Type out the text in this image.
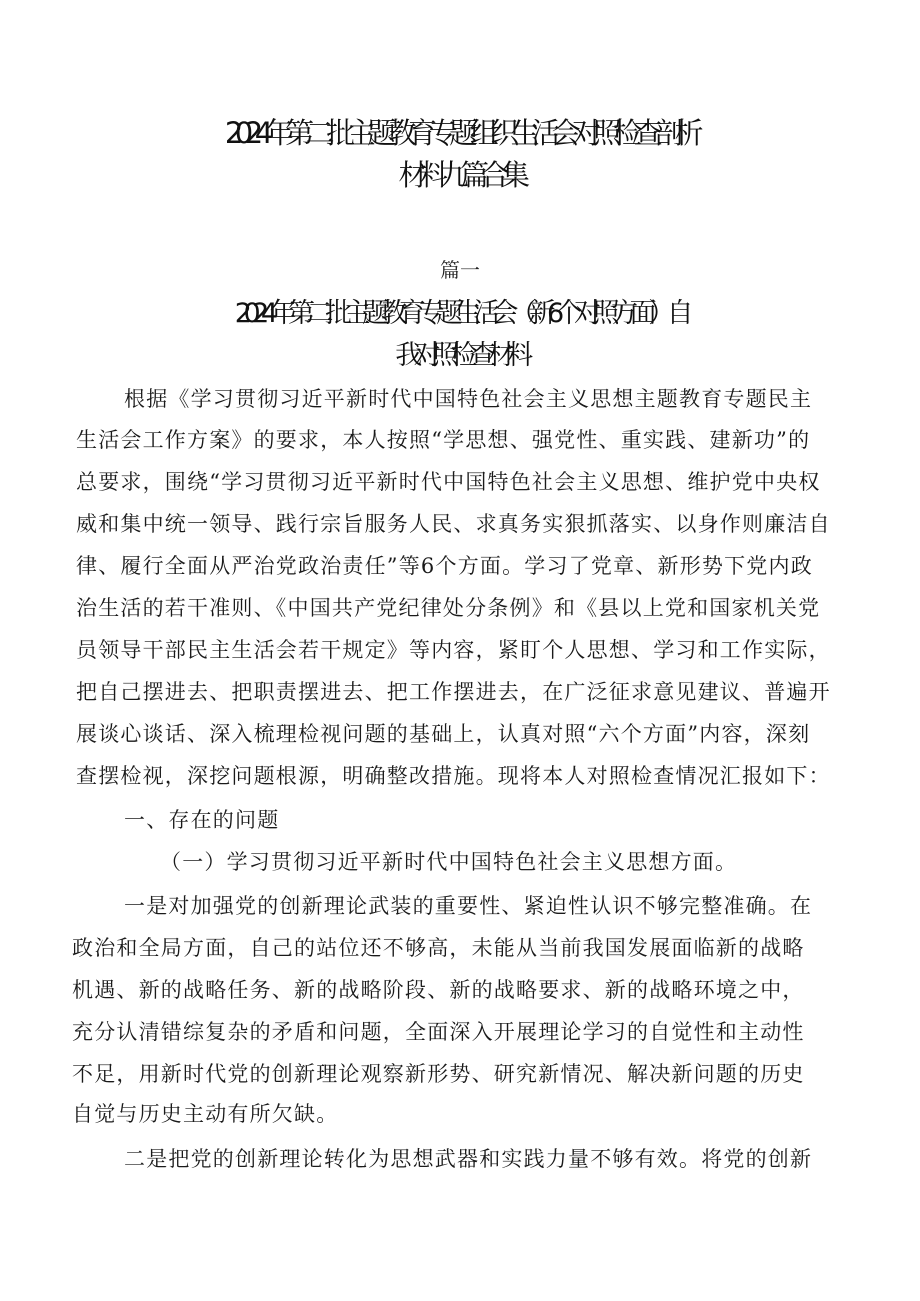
2024年第二批主题教育专题组织生活会对照检查剖析
材料九篇合集
篇一
2024年第二批主题教育专题生活会（新6个对照方面）自
我对照检查材料
根据《学习贯彻习近平新时代中国特色社会主义思想主题教育专题民主
生活会工作方案》的要求，本人按照“学思想、强党性、重实践、建新功”的
总要求，围绕“学习贯彻习近平新时代中国特色社会主义思想、维护党中央权
威和集中统一领导、践行宗旨服务人民、求真务实狠抓落实、以身作则廉洁自
律、履行全面从严治党政治责任”等6个方面。学习了党章、新形势下党内政
治生活的若干准则、《中国共产党纪律处分条例》和《县以上党和国家机关党
员领导干部民主生活会若干规定》等内容，紧盯个人思想、学习和工作实际，
把自己摆进去、把职责摆进去、把工作摆进去，在广泛征求意见建议、普遍开
展谈心谈话、深入梳理检视问题的基础上，认真对照“六个方面”内容，深刻
查摆检视，深挖问题根源，明确整改措施。现将本人对照检查情况汇报如下：
一、存在的问题
（一）学习贯彻习近平新时代中国特色社会主义思想方面。
一是对加强党的创新理论武装的重要性、紧迫性认识不够完整准确。在
政治和全局方面，自己的站位还不够高，未能从当前我国发展面临新的战略
机遇、新的战略任务、新的战略阶段、新的战略要求、新的战略环境之中，
充分认清错综复杂的矛盾和问题，全面深入开展理论学习的自觉性和主动性
不足，用新时代党的创新理论观察新形势、研究新情况、解决新问题的历史
自觉与历史主动有所欠缺。
二是把党的创新理论转化为思想武器和实践力量不够有效。将党的创新
